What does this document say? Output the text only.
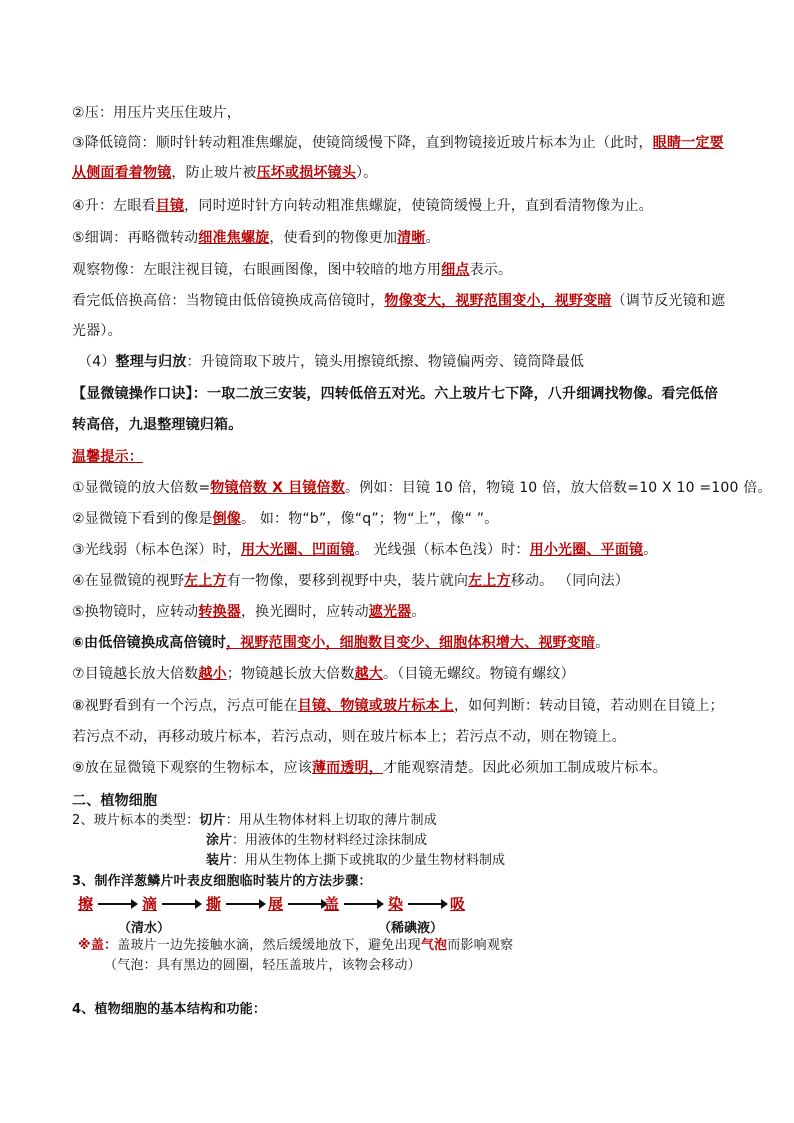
②压：用压片夹压住玻片，
③降低镜筒：顺时针转动粗准焦螺旋，使镜筒缓慢下降，直到物镜接近玻片标本为止（此时，眼睛一定要
从侧面看着物镜，防止玻片被压坏或损坏镜头）。
④升：左眼看目镜，同时逆时针方向转动粗准焦螺旋，使镜筒缓慢上升，直到看清物像为止。
⑤细调：再略微转动细准焦螺旋，使看到的物像更加清晰。
观察物像：左眼注视目镜，右眼画图像，图中较暗的地方用细点表示。
看完低倍换高倍：当物镜由低倍镜换成高倍镜时，物像变大，视野范围变小，视野变暗（调节反光镜和遮
光器）。
（4）整理与归放：升镜筒取下玻片，镜头用擦镜纸擦、物镜偏两旁、镜筒降最低
【显微镜操作口诀】：一取二放三安装，四转低倍五对光。六上玻片七下降，八升细调找物像。看完低倍
转高倍，九退整理镜归箱。
温馨提示：
①显微镜的放大倍数=物镜倍数 X 目镜倍数。例如：目镜 10 倍，物镜 10 倍，放大倍数=10 X 10 =100 倍。
②显微镜下看到的像是倒像。 如：物“b”，像“q”；物“上”，像“ ”。
③光线弱（标本色深）时，用大光圈、凹面镜。 光线强（标本色浅）时：用小光圈、平面镜。
④在显微镜的视野左上方有一物像，要移到视野中央，装片就向左上方移动。 （同向法）
⑤换物镜时，应转动转换器，换光圈时，应转动遮光器。
⑥由低倍镜换成高倍镜时，视野范围变小，细胞数目变少、细胞体积增大、视野变暗。
⑦目镜越长放大倍数越小；物镜越长放大倍数越大。（目镜无螺纹。物镜有螺纹）
⑧视野看到有一个污点，污点可能在目镜、物镜或玻片标本上，如何判断：转动目镜，若动则在目镜上；
若污点不动，再移动玻片标本，若污点动，则在玻片标本上；若污点不动，则在物镜上。
⑨放在显微镜下观察的生物标本，应该薄而透明，才能观察清楚。因此必须加工制成玻片标本。
二、植物细胞
2、玻片标本的类型：切片：用从生物体材料上切取的薄片制成
涂片：用液体的生物材料经过涂抹制成
装片：用从生物体上撕下或挑取的少量生物材料制成
3、制作洋葱鳞片叶表皮细胞临时装片的方法步骤：
擦	滴	撕	展	盖	染	吸
（清水）	（稀碘液）
※盖：盖玻片一边先接触水滴，然后缓缓地放下，避免出现气泡而影响观察
（气泡：具有黑边的圆圈，轻压盖玻片，该物会移动）
4、植物细胞的基本结构和功能：
